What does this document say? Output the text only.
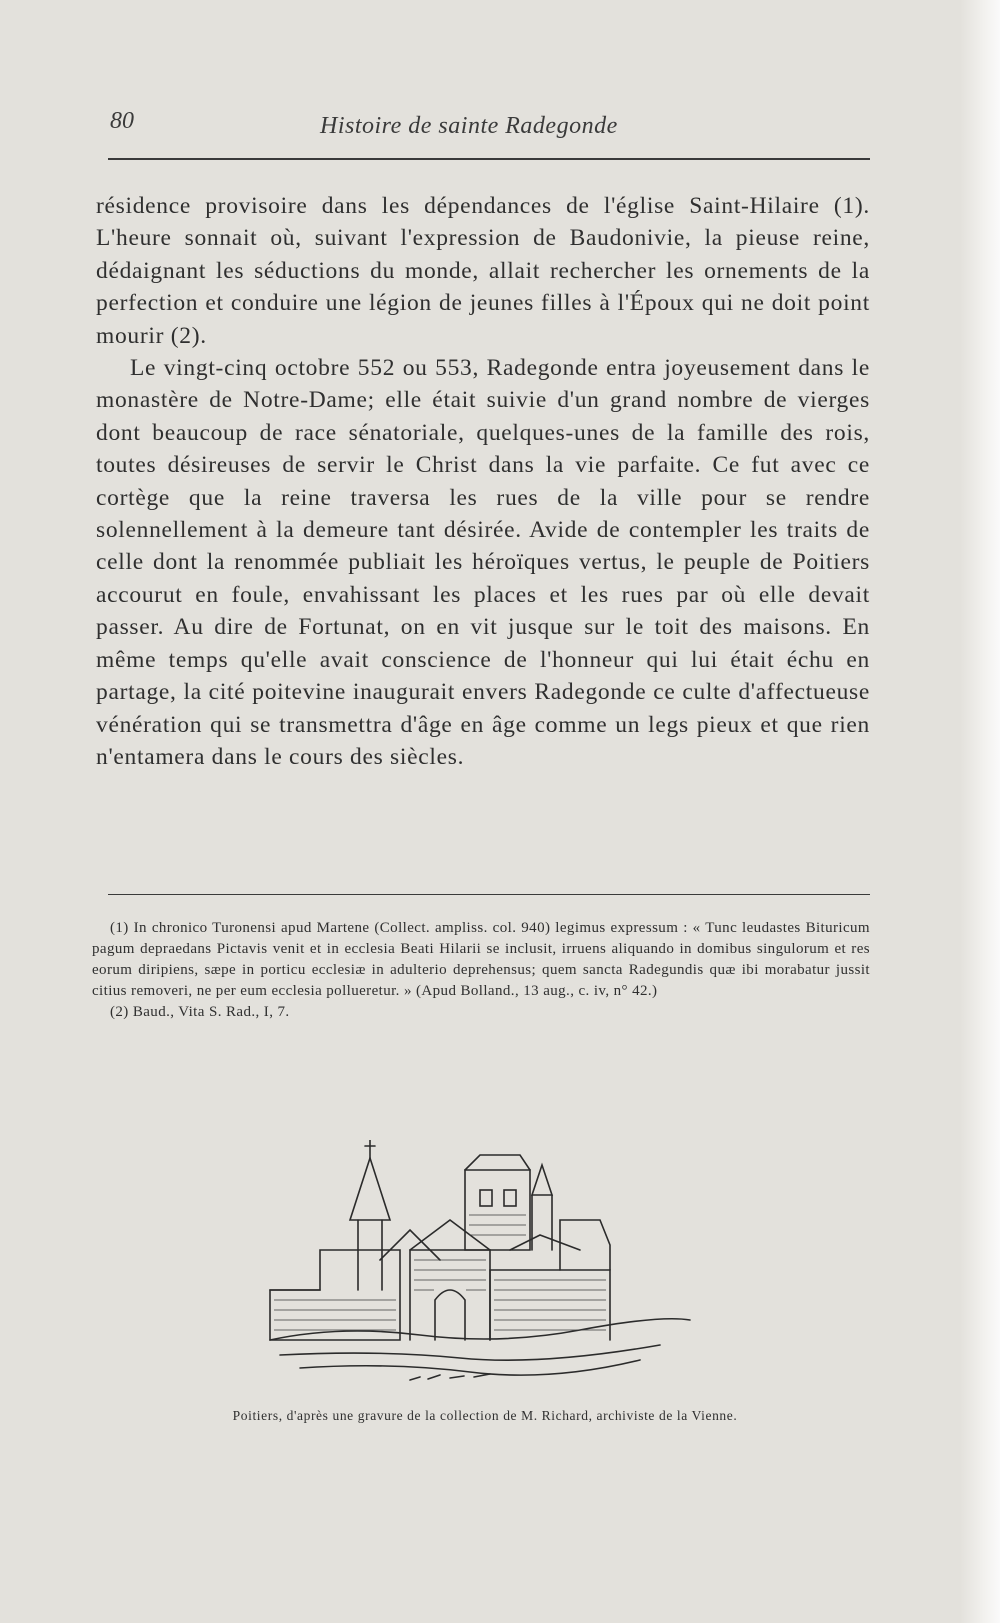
80	Histoire de sainte Radegonde

résidence provisoire dans les dépendances de l'église Saint-Hilaire (1). L'heure sonnait où, suivant l'expression de Baudonivie, la pieuse reine, dédaignant les séductions du monde, allait rechercher les ornements de la perfection et conduire une légion de jeunes filles à l'Époux qui ne doit point mourir (2).

Le vingt-cinq octobre 552 ou 553, Radegonde entra joyeusement dans le monastère de Notre-Dame; elle était suivie d'un grand nombre de vierges dont beaucoup de race sénatoriale, quelques-unes de la famille des rois, toutes désireuses de servir le Christ dans la vie parfaite. Ce fut avec ce cortège que la reine traversa les rues de la ville pour se rendre solennellement à la demeure tant désirée. Avide de contempler les traits de celle dont la renommée publiait les héroïques vertus, le peuple de Poitiers accourut en foule, envahissant les places et les rues par où elle devait passer. Au dire de Fortunat, on en vit jusque sur le toit des maisons. En même temps qu'elle avait conscience de l'honneur qui lui était échu en partage, la cité poitevine inaugurait envers Radegonde ce culte d'affectueuse vénération qui se transmettra d'âge en âge comme un legs pieux et que rien n'entamera dans le cours des siècles.

(1) In chronico Turonensi apud Martene (Collect. ampliss. col. 940) legimus expressum : « Tunc leudastes Bituricum pagum depraedans Pictavis venit et in ecclesia Beati Hilarii se inclusit, irruens aliquando in domibus singulorum et res eorum diripiens, sæpe in porticu ecclesiæ in adulterio deprehensus; quem sancta Radegundis quæ ibi morabatur jussit citius removeri, ne per eum ecclesia pollueretur. » (Apud Bolland., 13 aug., c. iv, n° 42.)

(2) Baud., Vita S. Rad., I, 7.

Poitiers, d'après une gravure de la collection de M. Richard, archiviste de la Vienne.
